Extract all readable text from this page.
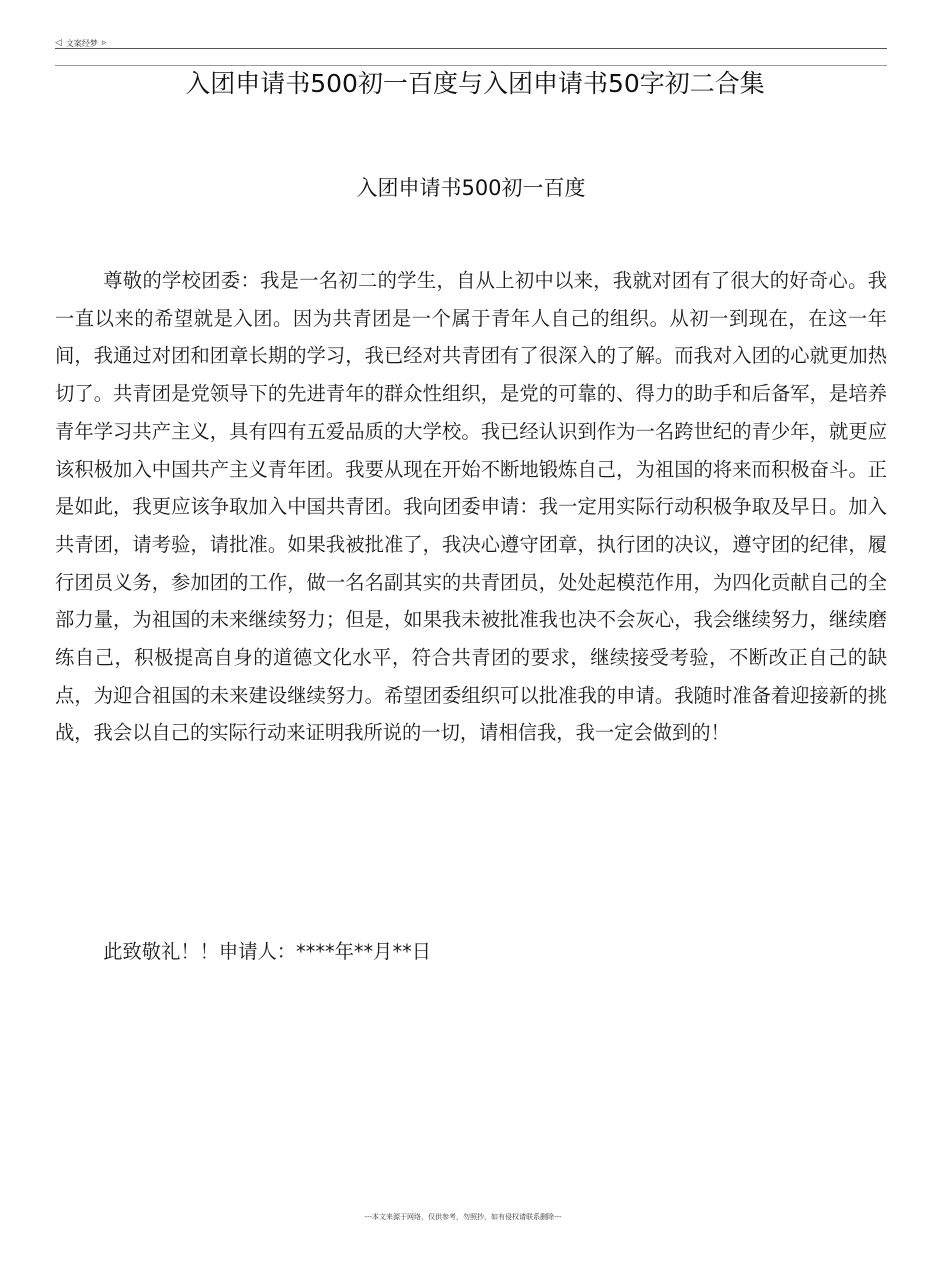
◁ 文案经梦 ▹
入团申请书500初一百度与入团申请书50字初二合集
入团申请书500初一百度

尊敬的学校团委：我是一名初二的学生，自从上初中以来，我就对团有了很大的好奇心。我一直以来的希望就是入团。因为共青团是一个属于青年人自己的组织。从初一到现在，在这一年间，我通过对团和团章长期的学习，我已经对共青团有了很深入的了解。而我对入团的心就更加热切了。共青团是党领导下的先进青年的群众性组织，是党的可靠的、得力的助手和后备军，是培养青年学习共产主义，具有四有五爱品质的大学校。我已经认识到作为一名跨世纪的青少年，就更应该积极加入中国共产主义青年团。我要从现在开始不断地锻炼自己，为祖国的将来而积极奋斗。正是如此，我更应该争取加入中国共青团。我向团委申请：我一定用实际行动积极争取及早日。加入共青团，请考验，请批准。如果我被批准了，我决心遵守团章，执行团的决议，遵守团的纪律，履行团员义务，参加团的工作，做一名名副其实的共青团员，处处起模范作用，为四化贡献自己的全部力量，为祖国的未来继续努力；但是，如果我未被批准我也决不会灰心，我会继续努力，继续磨练自己，积极提高自身的道德文化水平，符合共青团的要求，继续接受考验，不断改正自己的缺点，为迎合祖国的未来建设继续努力。希望团委组织可以批准我的申请。我随时准备着迎接新的挑战，我会以自己的实际行动来证明我所说的一切，请相信我，我一定会做到的！

此致敬礼！！申请人：****年**月**日

---本文来源于网络，仅供参考，勿照抄，如有侵权请联系删除---
